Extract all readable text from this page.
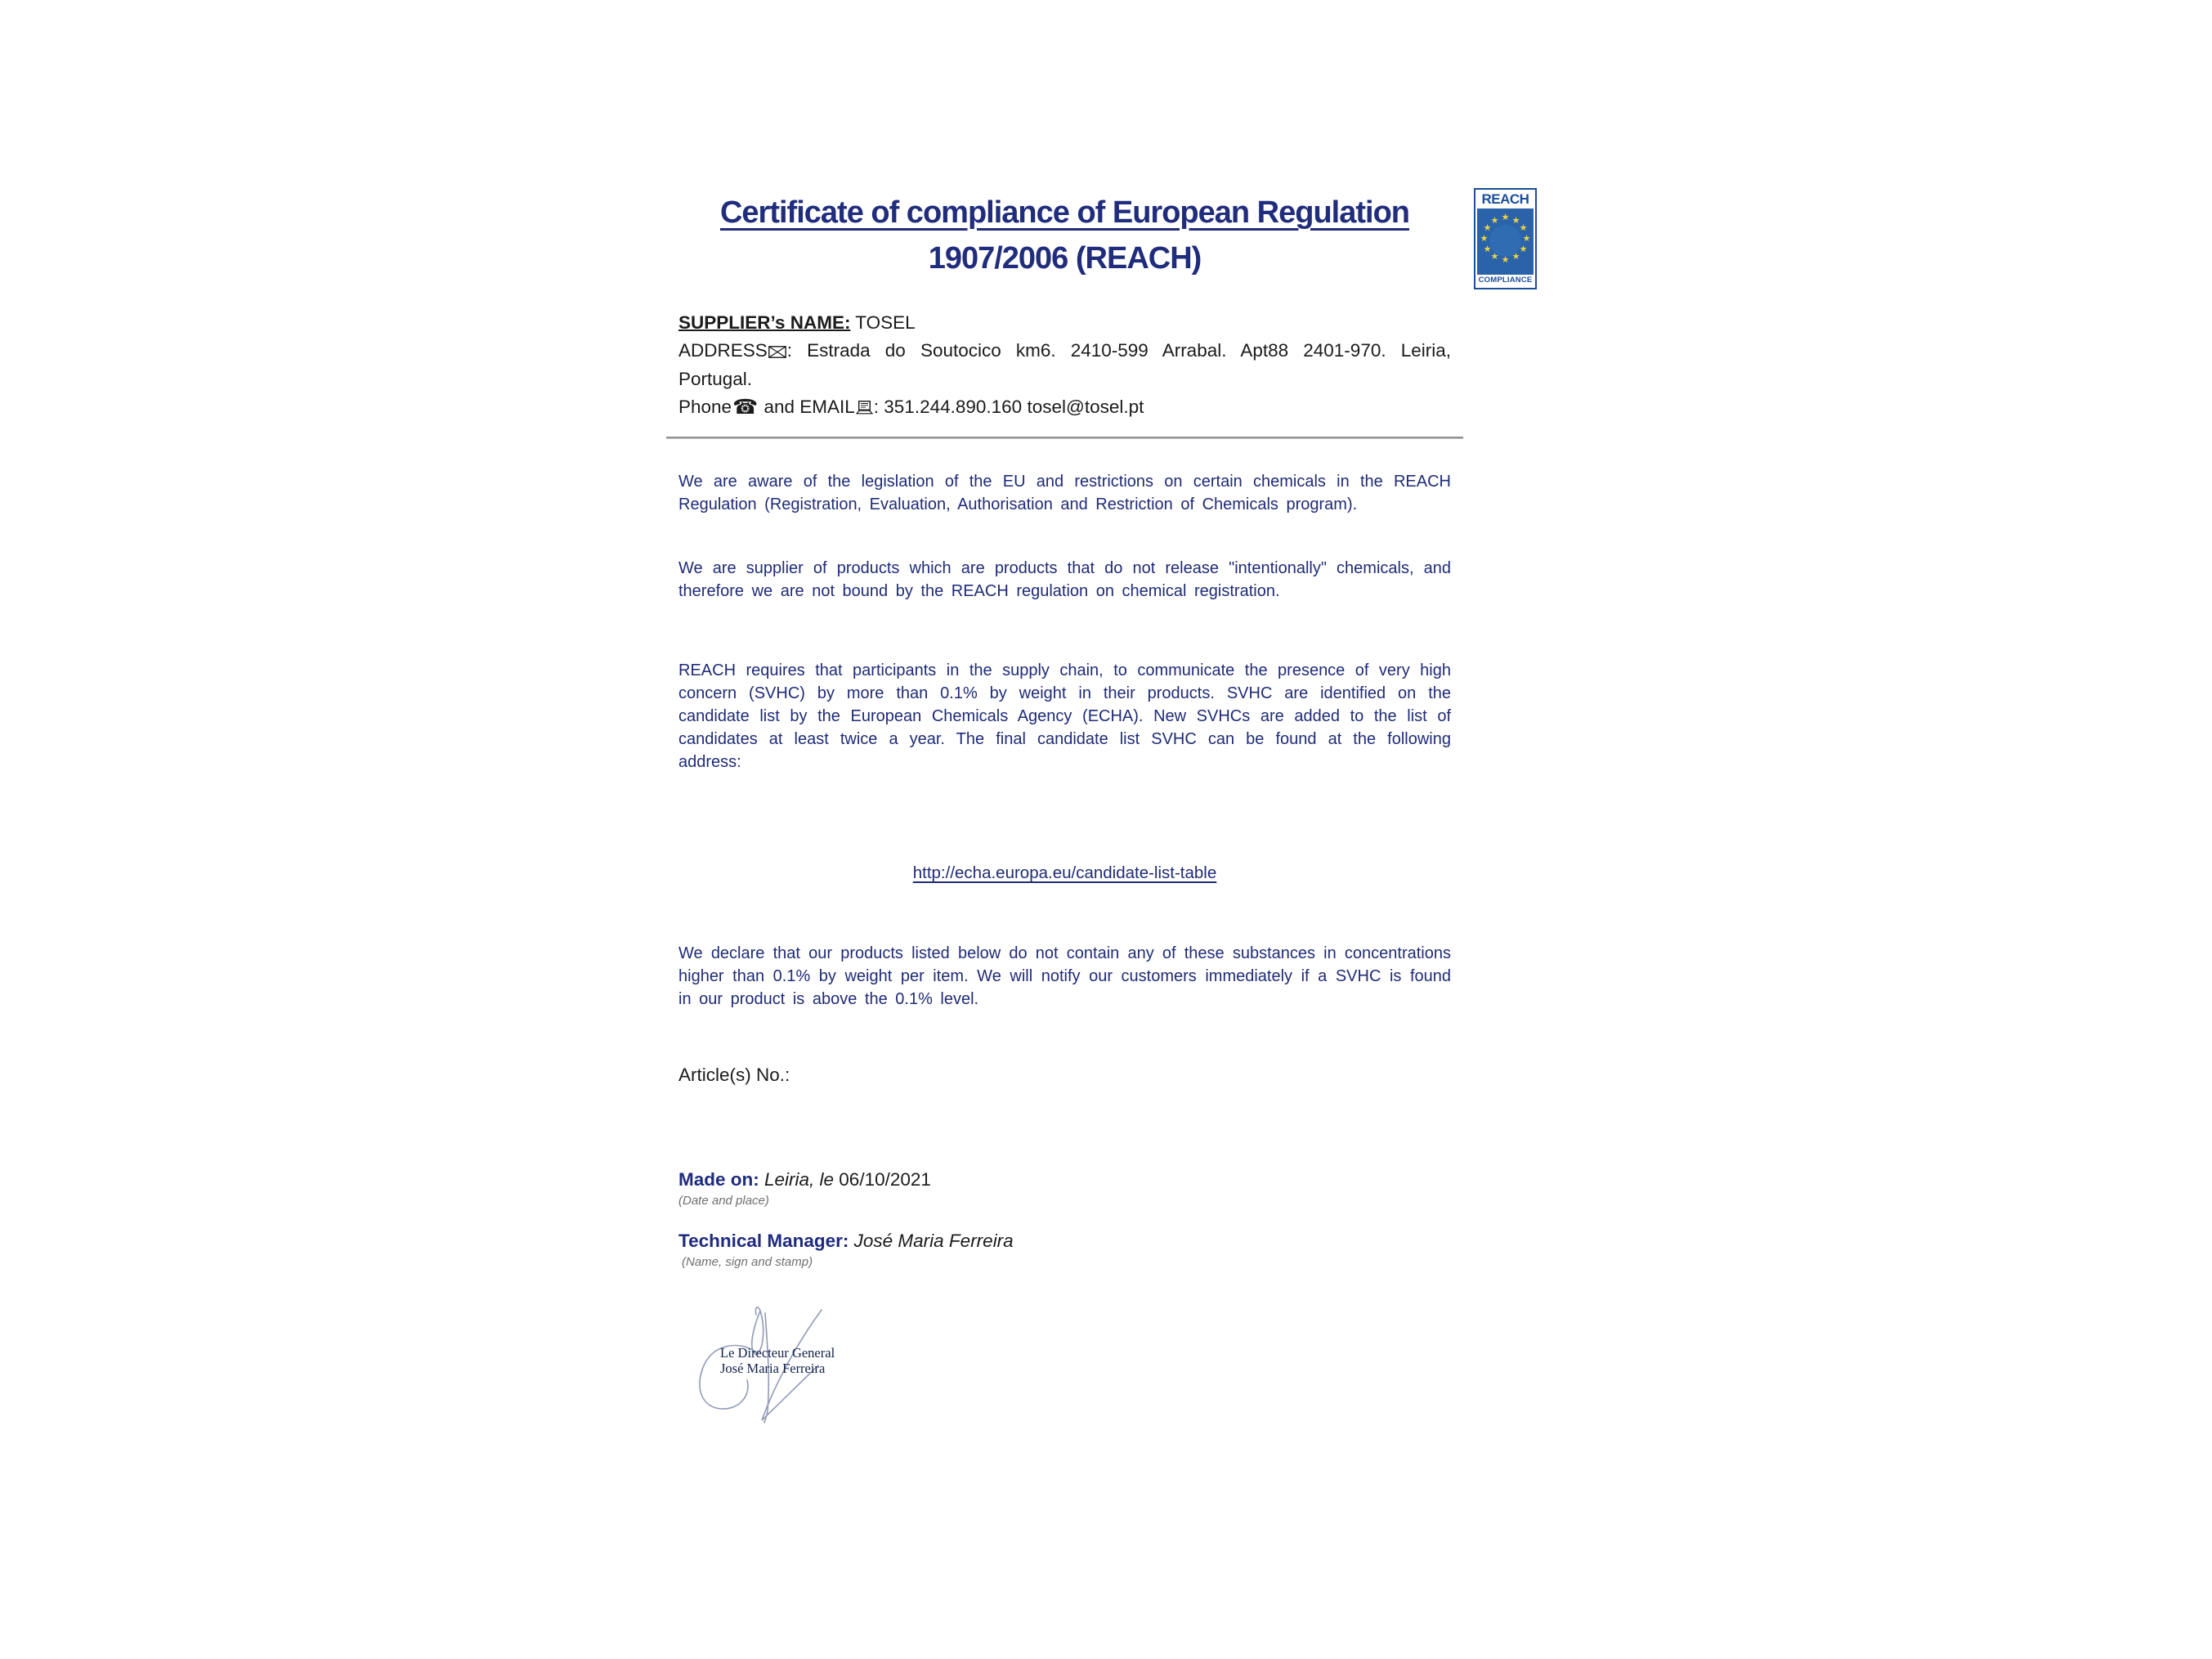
REACH
★ ★
★
★
★
★
★
★
★
★
★
★
COMPLIANCE
Certificate of compliance of European Regulation
1907/2006 (REACH)
SUPPLIER’s NAME: TOSEL
ADDRESS : Estrada do Soutocico km6. 2410-599 Arrabal. Apt88 2401-970. Leiria, Portugal.
Phone☎ and EMAIL : 351.244.890.160 tosel@tosel.pt

We are aware of the legislation of the EU and restrictions on certain chemicals in the REACH Regulation (Registration, Evaluation, Authorisation and Restriction of Chemicals program).

We are supplier of products which are products that do not release "intentionally" chemicals, and therefore we are not bound by the REACH regulation on chemical registration.

REACH requires that participants in the supply chain, to communicate the presence of very high concern (SVHC) by more than 0.1% by weight in their products. SVHC are identified on the candidate list by the European Chemicals Agency (ECHA). New SVHCs are added to the list of candidates at least twice a year. The final candidate list SVHC can be found at the following address:

http://echa.europa.eu/candidate-list-table

We declare that our products listed below do not contain any of these substances in concentrations higher than 0.1% by weight per item. We will notify our customers immediately if a SVHC is found in our product is above the 0.1% level.

Article(s) No.:
Made on: Leiria, le 06/10/2021
(Date and place)
Technical Manager: José Maria Ferreira
(Name, sign and stamp)
Le Directeur General
José Maria Ferreira
